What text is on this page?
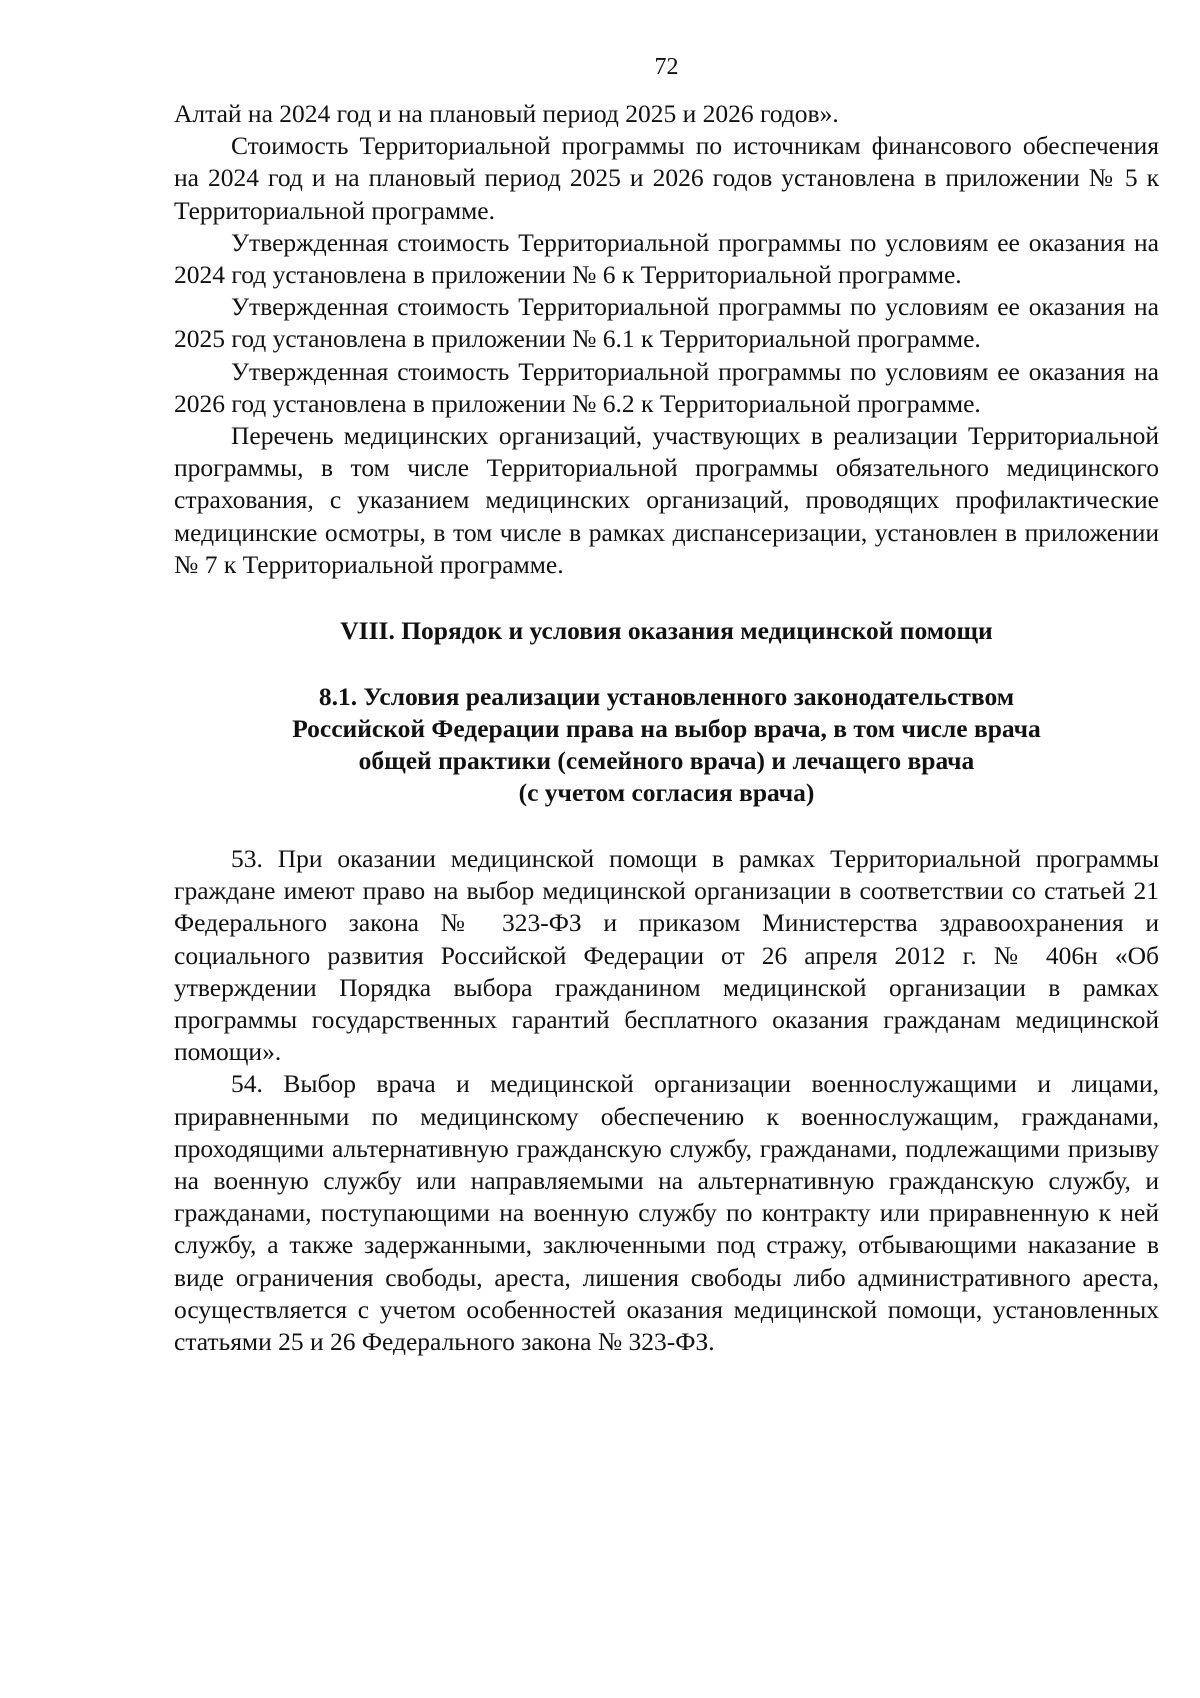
72

Алтай на 2024 год и на плановый период 2025 и 2026 годов».

Стоимость Территориальной программы по источникам финансового обеспечения на 2024 год и на плановый период 2025 и 2026 годов установлена в приложении № 5 к Территориальной программе.

Утвержденная стоимость Территориальной программы по условиям ее оказания на 2024 год установлена в приложении № 6 к Территориальной программе.

Утвержденная стоимость Территориальной программы по условиям ее оказания на 2025 год установлена в приложении № 6.1 к Территориальной программе.

Утвержденная стоимость Территориальной программы по условиям ее оказания на 2026 год установлена в приложении № 6.2 к Территориальной программе.

Перечень медицинских организаций, участвующих в реализации Территориальной программы, в том числе Территориальной программы обязательного медицинского страхования, с указанием медицинских организаций, проводящих профилактические медицинские осмотры, в том числе в рамках диспансеризации, установлен в приложении № 7 к Территориальной программе.

VIII. Порядок и условия оказания медицинской помощи
8.1. Условия реализации установленного законодательством
Российской Федерации права на выбор врача, в том числе врача
общей практики (семейного врача) и лечащего врача
(с учетом согласия врача)

53. При оказании медицинской помощи в рамках Территориальной программы граждане имеют право на выбор медицинской организации в соответствии со статьей 21 Федерального закона № 323-ФЗ и приказом Министерства здравоохранения и социального развития Российской Федерации от 26 апреля 2012 г. № 406н «Об утверждении Порядка выбора гражданином медицинской организации в рамках программы государственных гарантий бесплатного оказания гражданам медицинской помощи».

54. Выбор врача и медицинской организации военнослужащими и лицами, приравненными по медицинскому обеспечению к военнослужащим, гражданами, проходящими альтернативную гражданскую службу, гражданами, подлежащими призыву на военную службу или направляемыми на альтернативную гражданскую службу, и гражданами, поступающими на военную службу по контракту или приравненную к ней службу, а также задержанными, заключенными под стражу, отбывающими наказание в виде ограничения свободы, ареста, лишения свободы либо административного ареста, осуществляется с учетом особенностей оказания медицинской помощи, установленных статьями 25 и 26 Федерального закона № 323-ФЗ.
